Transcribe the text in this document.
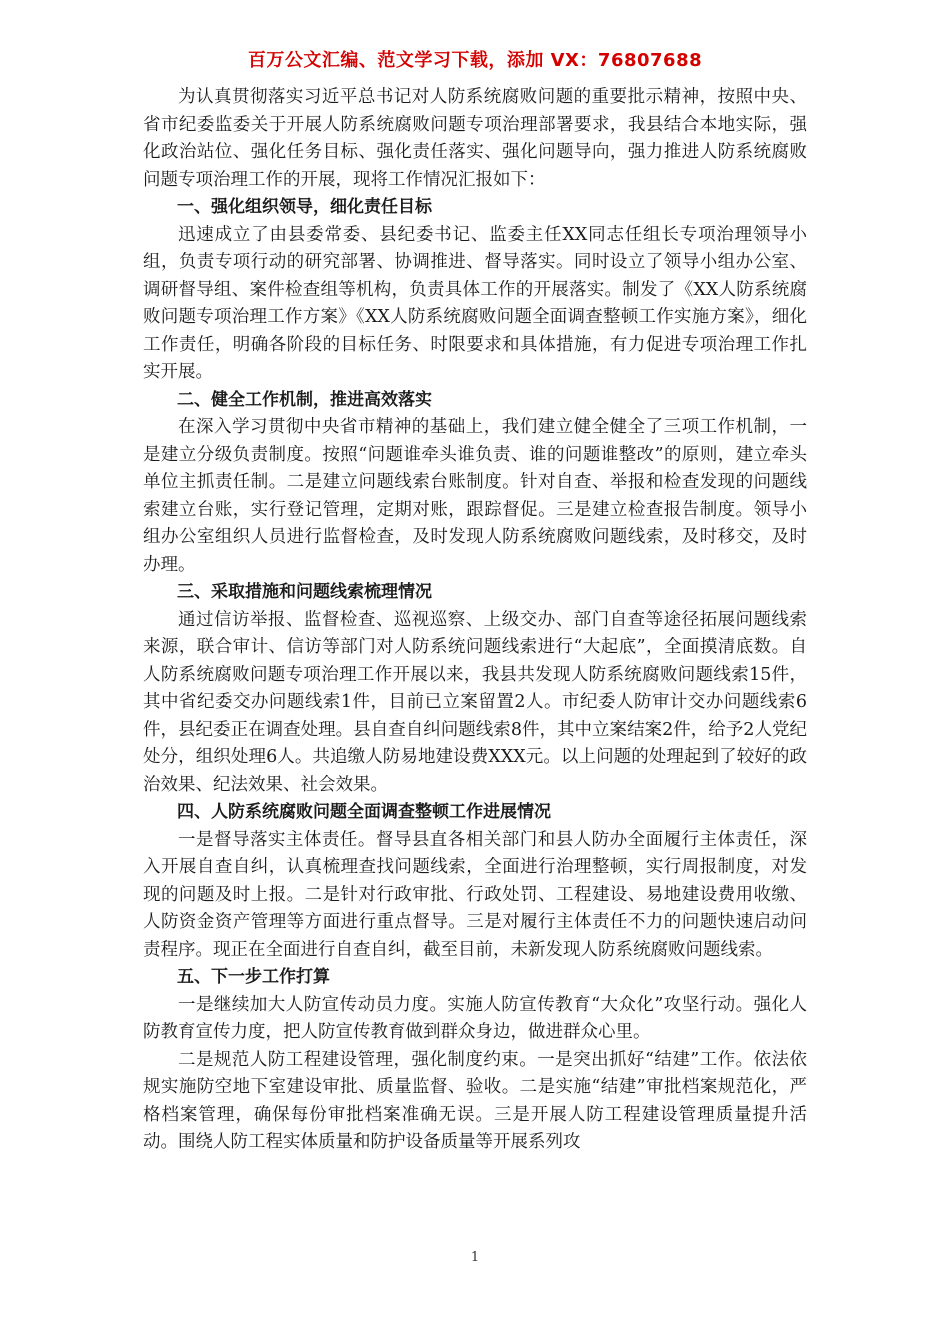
百万公文汇编、范文学习下载，添加 VX：76807688

为认真贯彻落实习近平总书记对人防系统腐败问题的重要批示精神，按照中央、省市纪委监委关于开展人防系统腐败问题专项治理部署要求，我县结合本地实际，强化政治站位、强化任务目标、强化责任落实、强化问题导向，强力推进人防系统腐败问题专项治理工作的开展，现将工作情况汇报如下：

一、强化组织领导，细化责任目标

迅速成立了由县委常委、县纪委书记、监委主任XX同志任组长专项治理领导小组，负责专项行动的研究部署、协调推进、督导落实。同时设立了领导小组办公室、调研督导组、案件检查组等机构，负责具体工作的开展落实。制发了《XX人防系统腐败问题专项治理工作方案》《XX人防系统腐败问题全面调查整顿工作实施方案》，细化工作责任，明确各阶段的目标任务、时限要求和具体措施，有力促进专项治理工作扎实开展。

二、健全工作机制，推进高效落实

在深入学习贯彻中央省市精神的基础上，我们建立健全健全了三项工作机制，一是建立分级负责制度。按照“问题谁牵头谁负责、谁的问题谁整改”的原则，建立牵头单位主抓责任制。二是建立问题线索台账制度。针对自查、举报和检查发现的问题线索建立台账，实行登记管理，定期对账，跟踪督促。三是建立检查报告制度。领导小组办公室组织人员进行监督检查，及时发现人防系统腐败问题线索，及时移交，及时办理。

三、采取措施和问题线索梳理情况

通过信访举报、监督检查、巡视巡察、上级交办、部门自查等途径拓展问题线索来源，联合审计、信访等部门对人防系统问题线索进行“大起底”，全面摸清底数。自人防系统腐败问题专项治理工作开展以来，我县共发现人防系统腐败问题线索15件，其中省纪委交办问题线索1件，目前已立案留置2人。市纪委人防审计交办问题线索6件，县纪委正在调查处理。县自查自纠问题线索8件，其中立案结案2件，给予2人党纪处分，组织处理6人。共追缴人防易地建设费XXX元。以上问题的处理起到了较好的政治效果、纪法效果、社会效果。

四、人防系统腐败问题全面调查整顿工作进展情况

一是督导落实主体责任。督导县直各相关部门和县人防办全面履行主体责任，深入开展自查自纠，认真梳理查找问题线索，全面进行治理整顿，实行周报制度，对发现的问题及时上报。二是针对行政审批、行政处罚、工程建设、易地建设费用收缴、人防资金资产管理等方面进行重点督导。三是对履行主体责任不力的问题快速启动问责程序。现正在全面进行自查自纠，截至目前，未新发现人防系统腐败问题线索。

五、下一步工作打算

一是继续加大人防宣传动员力度。实施人防宣传教育“大众化”攻坚行动。强化人防教育宣传力度，把人防宣传教育做到群众身边，做进群众心里。

二是规范人防工程建设管理，强化制度约束。一是突出抓好“结建”工作。依法依规实施防空地下室建设审批、质量监督、验收。二是实施“结建”审批档案规范化，严格档案管理，确保每份审批档案准确无误。三是开展人防工程建设管理质量提升活动。围绕人防工程实体质量和防护设备质量等开展系列攻

1
